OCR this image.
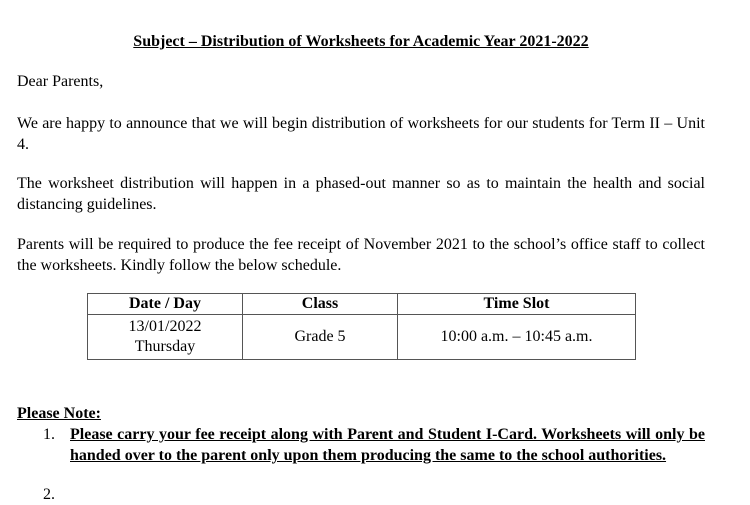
Subject – Distribution of Worksheets for Academic Year 2021-2022
Dear Parents,
We are happy to announce that we will begin distribution of worksheets for our students for Term II – Unit 4.
The worksheet distribution will happen in a phased-out manner so as to maintain the health and social distancing guidelines.
Parents will be required to produce the fee receipt of November 2021 to the school’s office staff to collect the worksheets. Kindly follow the below schedule.
Date / Day	Class	Time Slot

13/01/2022
Thursday	Grade 5	10:00 a.m. – 10:45 a.m.
Please Note:
1. Please carry your fee receipt along with Parent and Student I-Card. Worksheets will only be handed over to the parent only upon them producing the same to the school authorities.
2.
